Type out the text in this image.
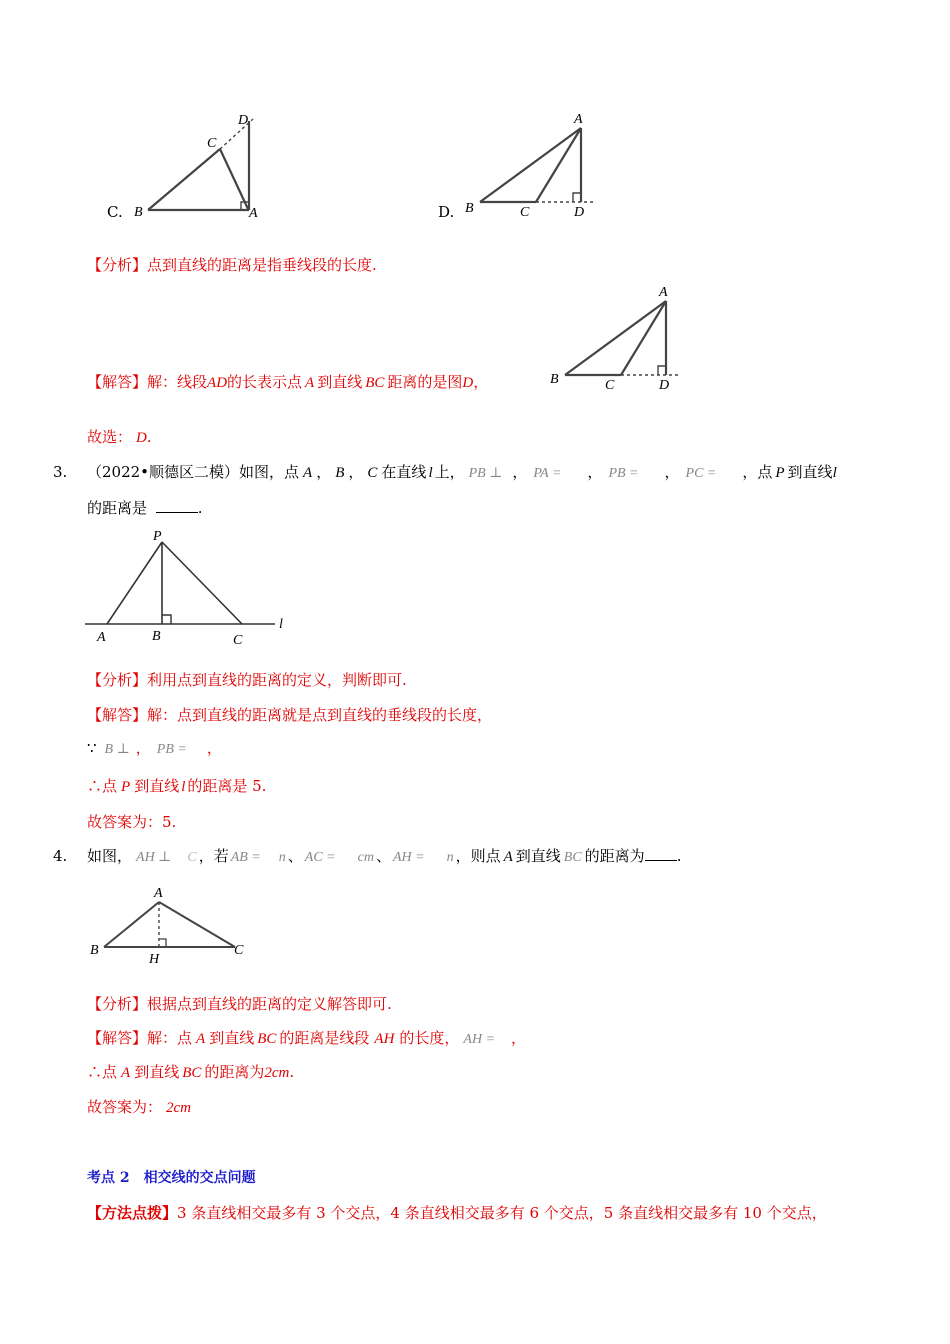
C. B
C
D
A	D.
A
B	C	D
【分析】点到直线的距离是指垂线段的长度.
A
B	C	D
【解答】解：线段AD的长表示点 A 到直线 BC 距离的是图D，
故选： D.
3. （2022•顺德区二模）如图，点 A ， B ， C 在直线 l 上， PB ⊥ ， PA = ， PB = ， PC = ，点 P 到直线l
的距离是	.
P
A	B	C
l
【分析】利用点到直线的距离的定义，判断即可.
【解答】解：点到直线的距离就是点到直线的垂线段的长度，
∵ B ⊥ ， PB = ，
∴点 P 到直线 l 的距离是 5.
故答案为：5.
4. 如图， AH ⊥ C ，若 AB = n 、 AC = cm 、 AH = n ，则点 A 到直线 BC 的距离为 .
A
B
H
C
【分析】根据点到直线的距离的定义解答即可.
【解答】解：点 A 到直线 BC 的距离是线段 AH 的长度， AH = ，
∴点 A 到直线 BC 的距离为2cm.
故答案为： 2cm
考点 2　相交线的交点问题
【方法点拨】3 条直线相交最多有 3 个交点，4 条直线相交最多有 6 个交点，5 条直线相交最多有 10 个交点，
